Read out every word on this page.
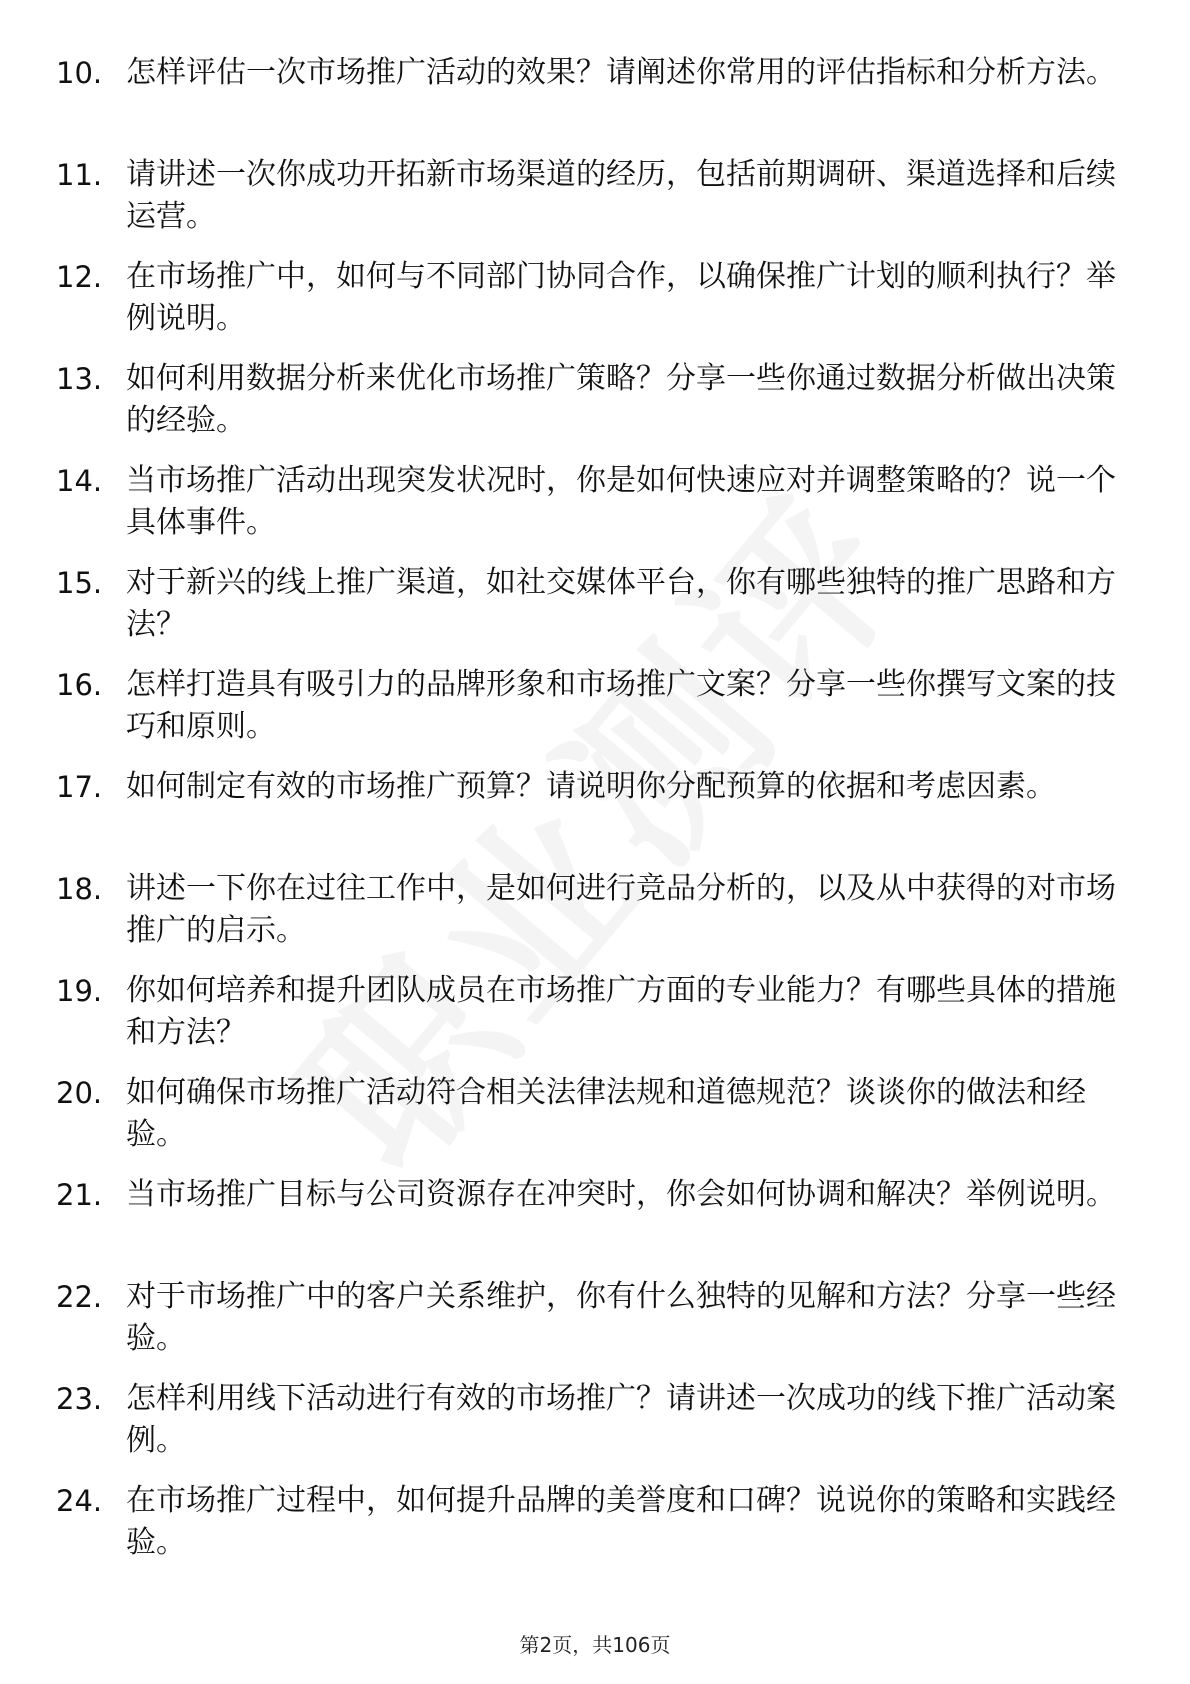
10. 怎样评估一次市场推广活动的效果？请阐述你常用的评估指标和分析方法。
11. 请讲述一次你成功开拓新市场渠道的经历，包括前期调研、渠道选择和后续运营。
12. 在市场推广中，如何与不同部门协同合作，以确保推广计划的顺利执行？举例说明。
13. 如何利用数据分析来优化市场推广策略？分享一些你通过数据分析做出决策的经验。
14. 当市场推广活动出现突发状况时，你是如何快速应对并调整策略的？说一个具体事件。
15. 对于新兴的线上推广渠道，如社交媒体平台，你有哪些独特的推广思路和方法？
16. 怎样打造具有吸引力的品牌形象和市场推广文案？分享一些你撰写文案的技巧和原则。
17. 如何制定有效的市场推广预算？请说明你分配预算的依据和考虑因素。
18. 讲述一下你在过往工作中，是如何进行竞品分析的，以及从中获得的对市场推广的启示。
19. 你如何培养和提升团队成员在市场推广方面的专业能力？有哪些具体的措施和方法？
20. 如何确保市场推广活动符合相关法律法规和道德规范？谈谈你的做法和经验。
21. 当市场推广目标与公司资源存在冲突时，你会如何协调和解决？举例说明。
22. 对于市场推广中的客户关系维护，你有什么独特的见解和方法？分享一些经验。
23. 怎样利用线下活动进行有效的市场推广？请讲述一次成功的线下推广活动案例。
24. 在市场推广过程中，如何提升品牌的美誉度和口碑？说说你的策略和实践经验。
第2页，共106页
